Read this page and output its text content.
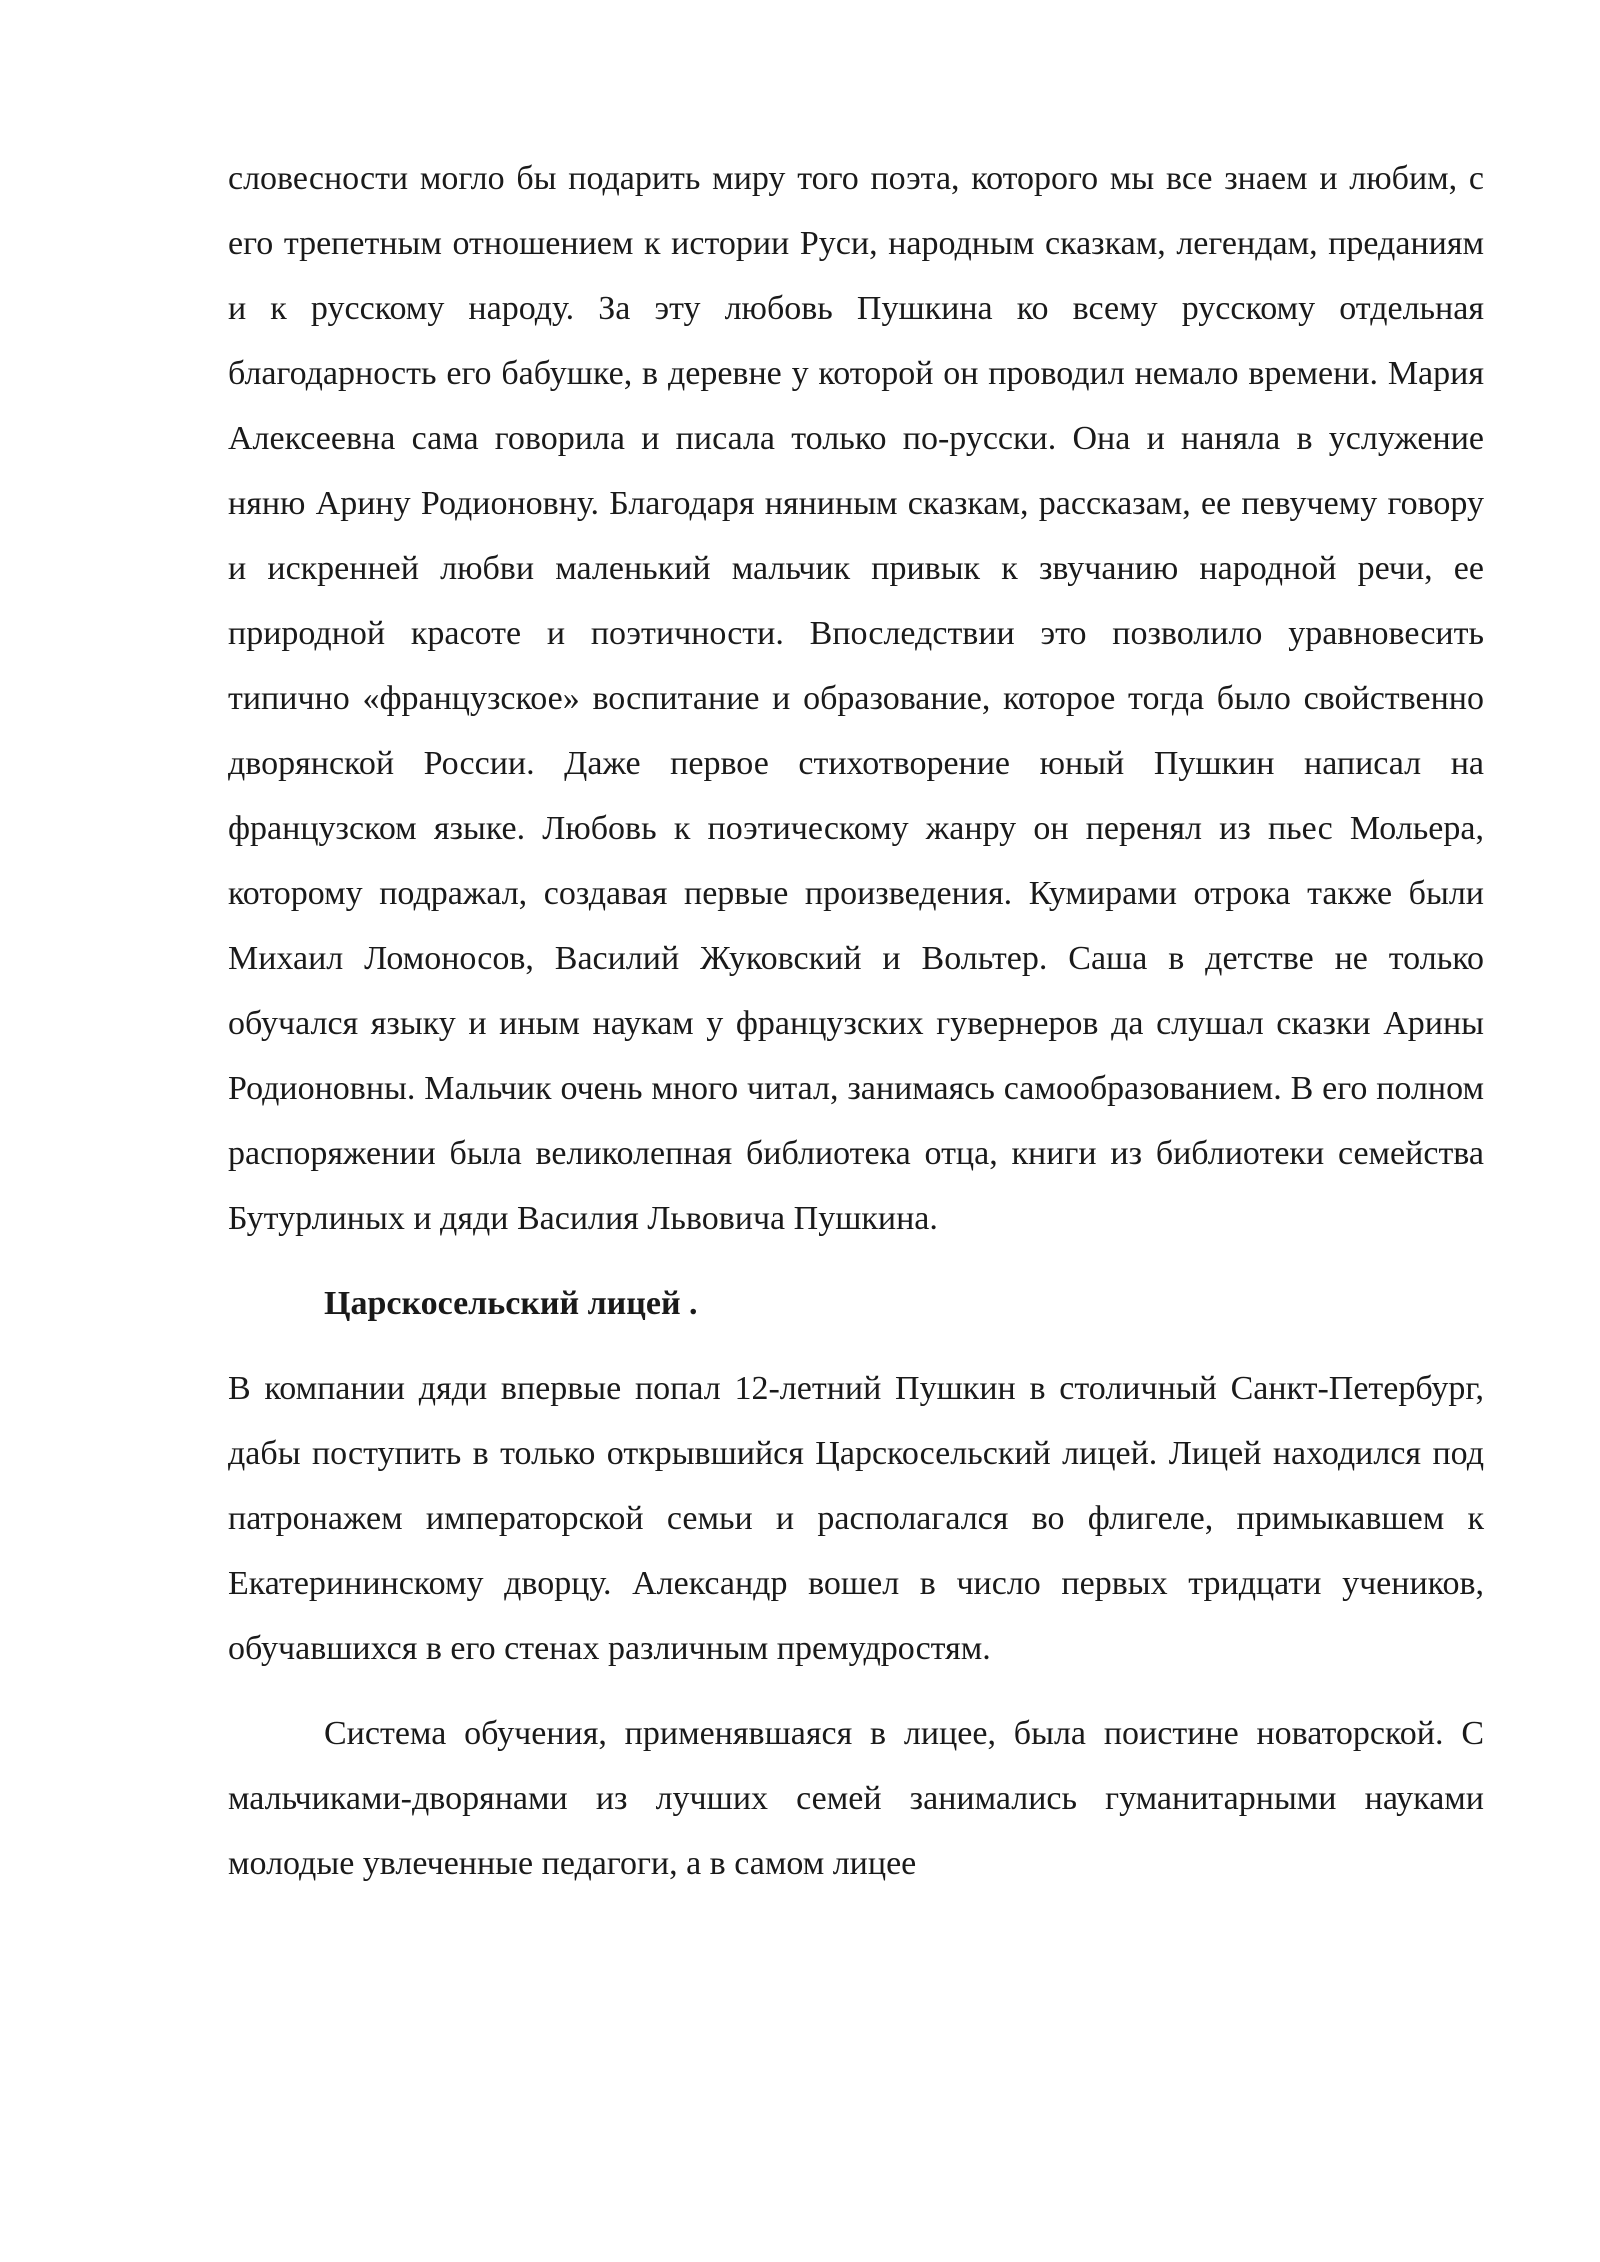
словесности могло бы подарить миру того поэта, которого мы все знаем и любим, с его трепетным отношением к истории Руси, народным сказкам, легендам, преданиям и к русскому народу. За эту любовь Пушкина ко всему русскому отдельная благодарность его бабушке, в деревне у которой он проводил немало времени. Мария Алексеевна сама говорила и писала только по-русски. Она и наняла в услужение няню Арину Родионовну. Благодаря няниным сказкам, рассказам, ее певучему говору и искренней любви маленький мальчик привык к звучанию народной речи, ее природной красоте и поэтичности. Впоследствии это позволило уравновесить типично «французское» воспитание и образование, которое тогда было свойственно дворянской России. Даже первое стихотворение юный Пушкин написал на французском языке. Любовь к поэтическому жанру он перенял из пьес Мольера, которому подражал, создавая первые произведения. Кумирами отрока также были Михаил Ломоносов, Василий Жуковский и Вольтер. Саша в детстве не только обучался языку и иным наукам у французских гувернеров да слушал сказки Арины Родионовны. Мальчик очень много читал, занимаясь самообразованием. В его полном распоряжении была великолепная библиотека отца, книги из библиотеки семейства Бутурлиных и дяди Василия Львовича Пушкина.

Царскосельский лицей .

В компании дяди впервые попал 12-летний Пушкин в столичный Санкт-Петербург, дабы поступить в только открывшийся Царскосельский лицей. Лицей находился под патронажем императорской семьи и располагался во флигеле, примыкавшем к Екатерининскому дворцу. Александр вошел в число первых тридцати учеников, обучавшихся в его стенах различным премудростям.

Система обучения, применявшаяся в лицее, была поистине новаторской. С мальчиками-дворянами из лучших семей занимались гуманитарными науками молодые увлеченные педагоги, а в самом лицее
